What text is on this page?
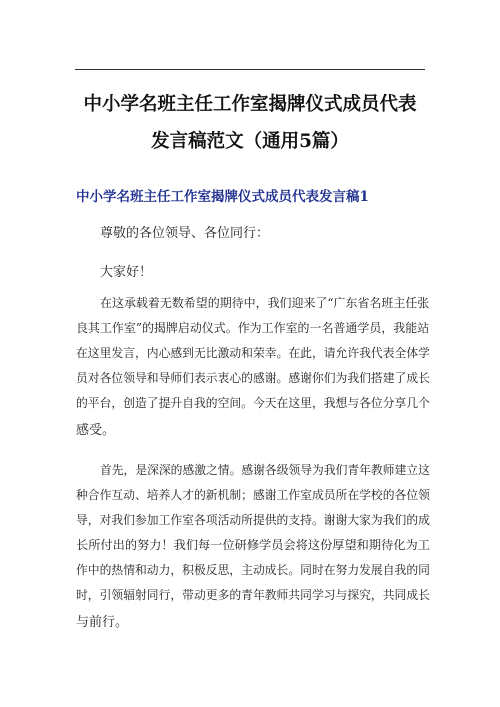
中小学名班主任工作室揭牌仪式成员代表
发言稿范文（通用5篇）
中小学名班主任工作室揭牌仪式成员代表发言稿1
尊敬的各位领导、各位同行：
大家好！
在这承载着无数希望的期待中，我们迎来了“广东省名班主任张
良其工作室”的揭牌启动仪式。作为工作室的一名普通学员，我能站
在这里发言，内心感到无比激动和荣幸。在此，请允许我代表全体学
员对各位领导和导师们表示衷心的感谢。感谢你们为我们搭建了成长
的平台，创造了提升自我的空间。今天在这里，我想与各位分享几个
感受。
首先，是深深的感激之情。感谢各级领导为我们青年教师建立这
种合作互动、培养人才的新机制；感谢工作室成员所在学校的各位领
导，对我们参加工作室各项活动所提供的支持。谢谢大家为我们的成
长所付出的努力！我们每一位研修学员会将这份厚望和期待化为工
作中的热情和动力，积极反思，主动成长。同时在努力发展自我的同
时，引领辐射同行，带动更多的青年教师共同学习与探究，共同成长
与前行。
